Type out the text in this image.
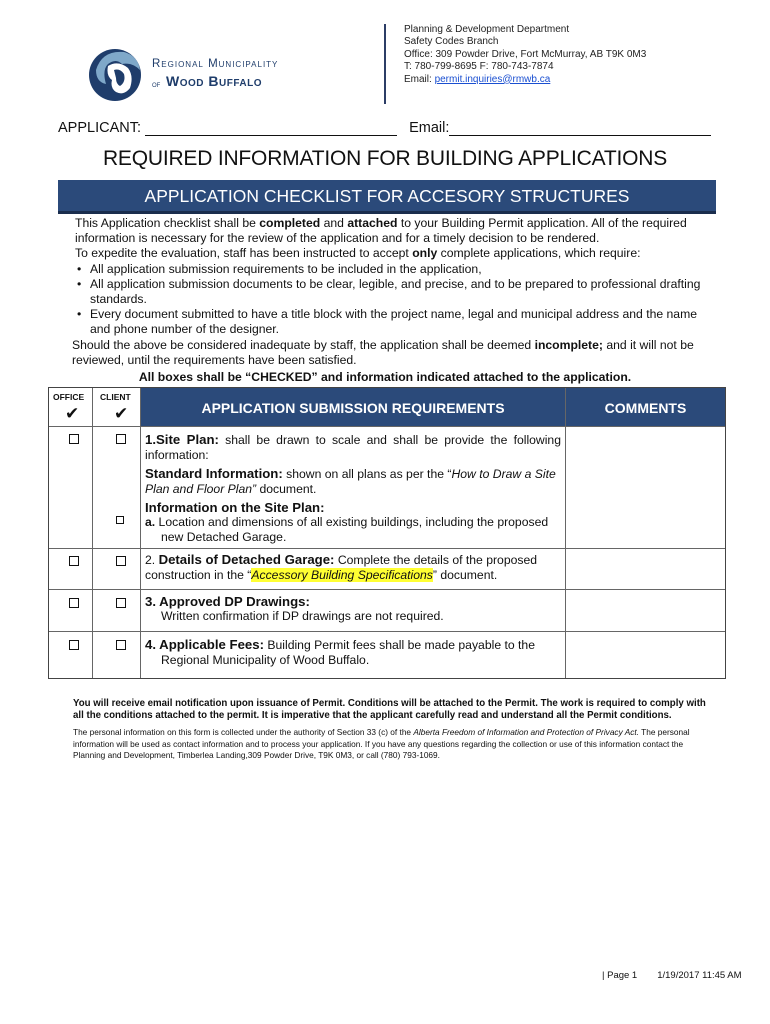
Regional Municipality
of Wood Buffalo
Planning & Development Department
Safety Codes Branch
Office: 309 Powder Drive, Fort McMurray, AB T9K 0M3
T: 780-799-8695 F: 780-743-7874
Email: permit.inquiries@rmwb.ca
APPLICANT:	Email:
REQUIRED INFORMATION FOR BUILDING APPLICATIONS
APPLICATION CHECKLIST FOR ACCESORY STRUCTURES
This Application checklist shall be completed and attached to your Building Permit application. All of the required information is necessary for the review of the application and for a timely decision to be rendered.
To expedite the evaluation, staff has been instructed to accept only complete applications, which require:
• All application submission requirements to be included in the application,
• All application submission documents to be clear, legible, and precise, and to be prepared to professional drafting standards.
• Every document submitted to have a title block with the project name, legal and municipal address and the name and phone number of the designer.
Should the above be considered inadequate by staff, the application shall be deemed incomplete; and it will not be reviewed, until the requirements have been satisfied.
All boxes shall be “CHECKED” and information indicated attached to the application.
OFFICE CLIENT
✔ ✔	APPLICATION SUBMISSION REQUIREMENTS	COMMENTS
1.Site Plan: shall be drawn to scale and shall be provide the following information:
Standard Information: shown on all plans as per the “How to Draw a Site Plan and Floor Plan” document.
Information on the Site Plan:
a. Location and dimensions of all existing buildings, including the proposed new Detached Garage.
2. Details of Detached Garage: Complete the details of the proposed construction in the “Accessory Building Specifications” document.
3. Approved DP Drawings:
Written confirmation if DP drawings are not required.
4. Applicable Fees: Building Permit fees shall be made payable to the
Regional Municipality of Wood Buffalo.
You will receive email notification upon issuance of Permit. Conditions will be attached to the Permit. The work is required to comply with all the conditions attached to the permit. It is imperative that the applicant carefully read and understand all the Permit conditions.
The personal information on this form is collected under the authority of Section 33 (c) of the Alberta Freedom of Information and Protection of Privacy Act. The personal information will be used as contact information and to process your application. If you have any questions regarding the collection or use of this information contact the Planning and Development, Timberlea Landing,309 Powder Drive, T9K 0M3, or call (780) 793-1069.
| Page 1 1/19/2017 11:45 AM
